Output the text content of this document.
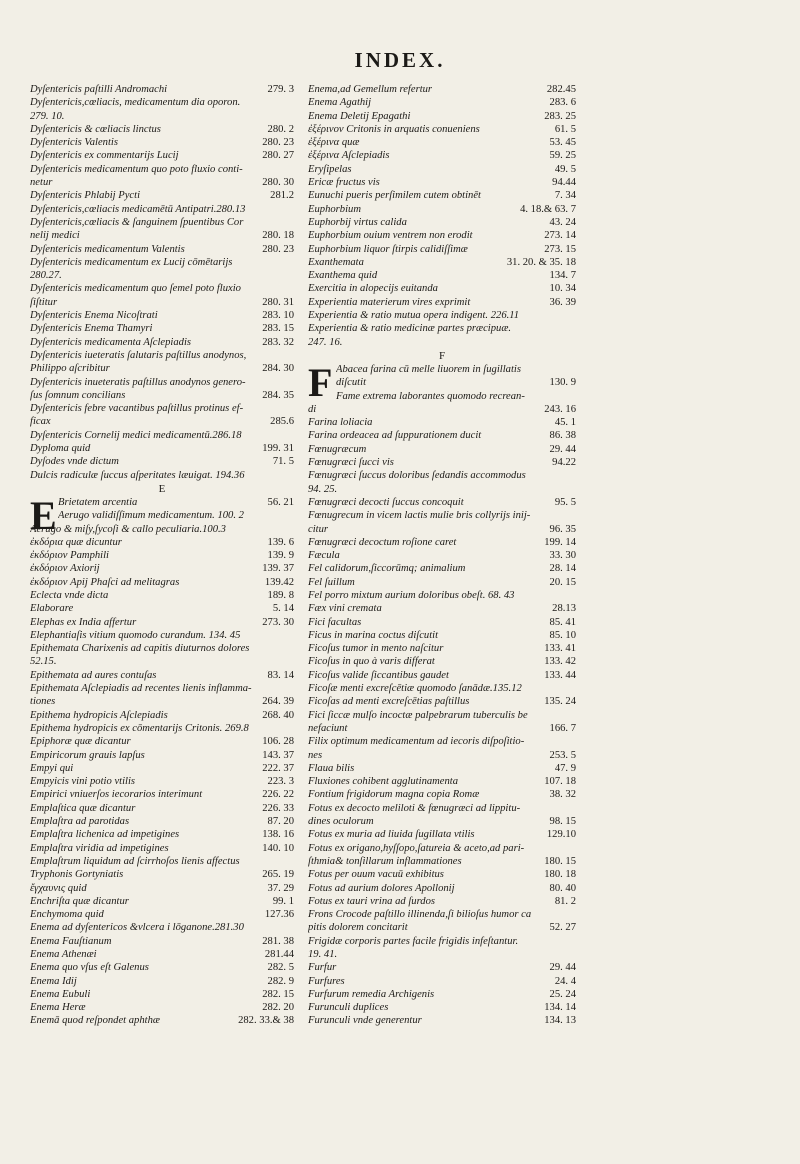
INDEX.
Dyſentericis paſtilli Andromachi	279. 3
Dyſentericis,cœliacis, medicamentum dia oporon.
279. 10.
Dyſentericis & cœliacis linctus	280. 2
Dyſentericis Valentis	280. 23
Dyſentericis ex commentarijs Lucij	280. 27
Dyſentericis medicamentum quo poto fluxio conti-
netur	280. 30
Dyſentericis Phlabij Pycti	281.2
Dyſentericis,cœliacis medicamētū Antipatri.280.13
Dyſentericis,cœliacis & ſanguinem ſpuentibus Cor
nelij medici	280. 18
Dyſentericis medicamentum Valentis	280. 23
Dyſentericis medicamentum ex Lucij cōmētarijs
280.27.
Dyſentericis medicamentum quo ſemel poto fluxio
ſiſtitur	280. 31
Dyſentericis Enema Nicoſtrati	283. 10
Dyſentericis Enema Thamyri	283. 15
Dyſentericis medicamenta Aſclepiadis	283. 32
Dyſentericis iueteratis ſalutaris paſtillus anodynos,
Philippo aſcribitur	284. 30
Dyſentericis inueteratis paſtillus anodynos genero-
ſus ſomnum concilians	284. 35
Dyſentericis febre vacantibus paſtillus protinus ef-
ficax	285.6
Dyſentericis Cornelij medici medicamentū.286.18
Dyploma quid	199. 31
Dyſodes vnde dictum	71. 5
Dulcis radiculæ ſuccus aſperitates læuigat. 194.36
E
E Brietatem arcentia	56. 21
Aerugo validiſſimum medicamentum. 100. 2
Aerugo & miſy,ſycoſi & callo peculiaria.100.3
ἐκδόρια quæ dicuntur	139. 6
ἐκδόριον Pamphili	139. 9
ἐκδόριον Axiorij	139. 37
ἐκδόριον Apij Phaſci ad melitagras	139.42
Eclecta vnde dicta	189. 8
Elaborare	5. 14
Elephas ex India affertur	273. 30
Elephantiaſis vitium quomodo curandum. 134. 45
Epithemata Charixenis ad capitis diuturnos dolores
52.15.
Epithemata ad aures contuſas	83. 14
Epithemata Aſclepiadis ad recentes lienis inflamma-
tiones	264. 39
Epithema hydropicis Aſclepiadis	268. 40
Epithema hydropicis ex cōmentarijs Critonis. 269.8
Epiphoræ quæ dicantur	106. 28
Empiricorum grauis lapſus	143. 37
Empyi qui	222. 37
Empyicis vini potio vtilis	223. 3
Empirici vniuerſos iecorarios interimunt	226. 22
Emplaſtica quæ dicantur	226. 33
Emplaſtra ad parotidas	87. 20
Emplaſtra lichenica ad impetigines	138. 16
Emplaſtra viridia ad impetigines	140. 10
Emplaſtrum liquidum ad ſcirrhoſos lienis affectus
Tryphonis Gortyniatis	265. 19
ἔγχαυνις quid	37. 29
Enchriſta quæ dicantur	99. 1
Enchymoma quid	127.36
Enema ad dyſentericos &vlcera i lōganone.281.30
Enema Fauſtianum	281. 38
Enema Athenæi	281.44
Enema quo vſus eſt Galenus	282. 5
Enema Idij	282. 9
Enema Eubuli	282. 15
Enema Heræ	282. 20
Enemā quod reſpondet aphthæ	282. 33.& 38
Enema,ad Gemellum refertur	282.45
Enema Agathij	283. 6
Enema Deletij Epagathi	283. 25
ἐξέρινον Critonis in arquatis conueniens	61. 5
ἐξέρινα quæ	53. 45
ἐξέρινα Aſclepiadis	59. 25
Eryſipelas	49. 5
Ericæ fructus vis	94.44
Eunuchi pueris perſimilem cutem obtinēt	7. 34
Euphorbium	4. 18.& 63. 7
Euphorbij virtus calida	43. 24
Euphorbium ouium ventrem non erodit	273. 14
Euphorbium liquor ſtirpis calidiſſimæ	273. 15
Exanthemata	31. 20. & 35. 18
Exanthema quid	134. 7
Exercitia in alopecijs euitanda	10. 34
Experientia materierum vires exprimit	36. 39
Experientia & ratio mutua opera indigent. 226.11
Experientia & ratio medicinæ partes præcipuæ.
247. 16.
F
F Abacea farina cū melle liuorem in ſugillatis
diſcutit	130. 9
Fame extrema laborantes quomodo recrean-
di	243. 16
Farina loliacia	45. 1
Farina ordeacea ad ſuppurationem ducit	86. 38
Fœnugræcum	29. 44
Fœnugræci ſucci vis	94.22
Fœnugræci ſuccus doloribus ſedandis accommodus
94. 25.
Fœnugræci decocti ſuccus concoquit	95. 5
Fœnugrecum in vicem lactis mulie bris collyrijs inij-
citur	96. 35
Fœnugræci decoctum roſione caret	199. 14
Fæcula	33. 30
Fel calidorum,ſiccorūmq; animalium	28. 14
Fel ſuillum	20. 15
Fel porro mixtum aurium doloribus obeſt. 68. 43
Fæx vini cremata	28.13
Fici facultas	85. 41
Ficus in marina coctus diſcutit	85. 10
Ficoſus tumor in mento naſcitur	133. 41
Ficoſus in quo à varis differat	133. 42
Ficoſus valide ſiccantibus gaudet	133. 44
Ficoſæ menti excreſcētiæ quomodo ſanādæ.135.12
Ficoſas ad menti excreſcētias paſtillus	135. 24
Fici ſiccæ mulſo incoctæ palpebrarum tuberculis be
nefaciunt	166. 7
Filix optimum medicamentum ad iecoris diſpoſitio-
nes	253. 5
Flaua bilis	47. 9
Fluxiones cohibent agglutinamenta	107. 18
Fontium frigidorum magna copia Romæ	38. 32
Fotus ex decocto meliloti & fœnugræci ad lippitu-
dines oculorum	98. 15
Fotus ex muria ad liuida ſugillata vtilis	129.10
Fotus ex origano,hyſſopo,ſatureia & aceto,ad pari-
ſthmia& tonſillarum inflammationes	180. 15
Fotus per ouum vacuū exhibitus	180. 18
Fotus ad aurium dolores Apollonij	80. 40
Fotus ex tauri vrina ad ſurdos	81. 2
Frons Crocode paſtillo illinenda,ſi bilioſus humor ca
pitis dolorem concitarit	52. 27
Frigidæ corporis partes facile frigidis infeſtantur.
19. 41.
Furfur	29. 44
Furfures	24. 4
Furfurum remedia Archigenis	25. 24
Furunculi duplices	134. 14
Furunculi vnde generentur	134. 13
